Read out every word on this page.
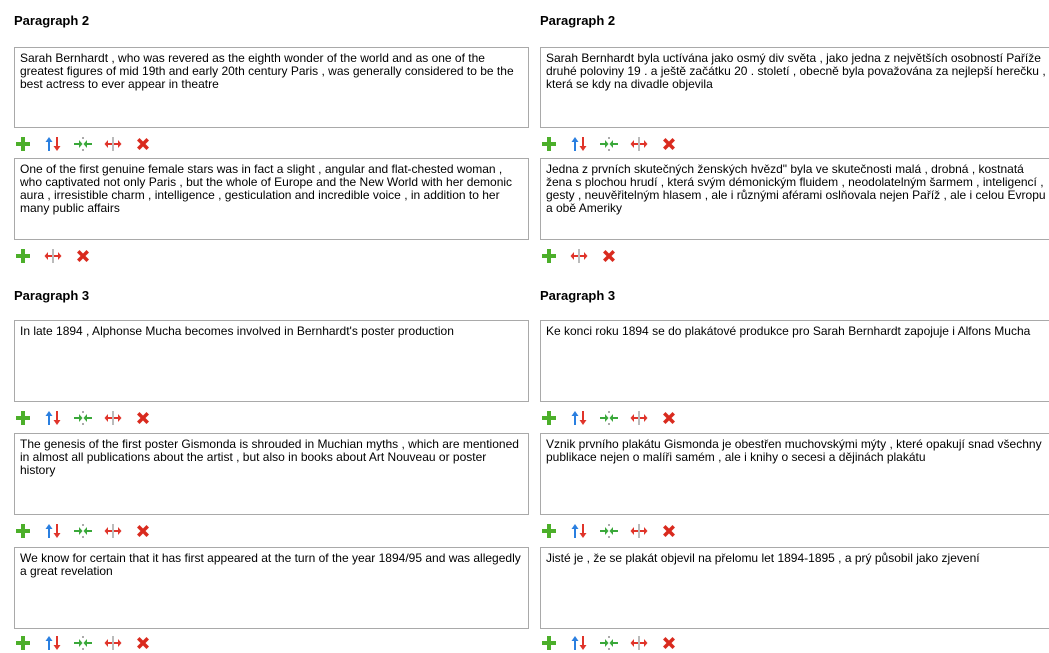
Paragraph 2
Sarah Bernhardt , who was revered as the eighth wonder of the world and as one of the greatest figures of mid 19th and early 20th century Paris , was generally considered to be the best actress to ever appear in theatre
One of the first genuine female stars was in fact a slight , angular and flat-chested woman , who captivated not only Paris , but the whole of Europe and the New World with her demonic aura , irresistible charm , intelligence , gesticulation and incredible voice , in addition to her many public affairs
Paragraph 3
In late 1894 , Alphonse Mucha becomes involved in Bernhardt's poster production
The genesis of the first poster Gismonda is shrouded in Muchian myths , which are mentioned in almost all publications about the artist , but also in books about Art Nouveau or poster history
We know for certain that it has first appeared at the turn of the year 1894/95 and was allegedly a great revelation
Paragraph 2
Sarah Bernhardt byla uctívána jako osmý div světa , jako jedna z největších osobností Paříže druhé poloviny 19 . a ještě začátku 20 . století , obecně byla považována za nejlepší herečku , která se kdy na divadle objevila
Jedna z prvních skutečných ženských hvězd" byla ve skutečnosti malá , drobná , kostnatá žena s plochou hrudí , která svým démonickým fluidem , neodolatelným šarmem , inteligencí , gesty , neuvěřitelným hlasem , ale i různými aférami oslňovala nejen Paříž , ale i celou Evropu a obě Ameriky
Paragraph 3
Ke konci roku 1894 se do plakátové produkce pro Sarah Bernhardt zapojuje i Alfons Mucha
Vznik prvního plakátu Gismonda je obestřen muchovskými mýty , které opakují snad všechny publikace nejen o malíři samém , ale i knihy o secesi a dějinách plakátu
Jisté je , že se plakát objevil na přelomu let 1894-1895 , a prý působil jako zjevení
